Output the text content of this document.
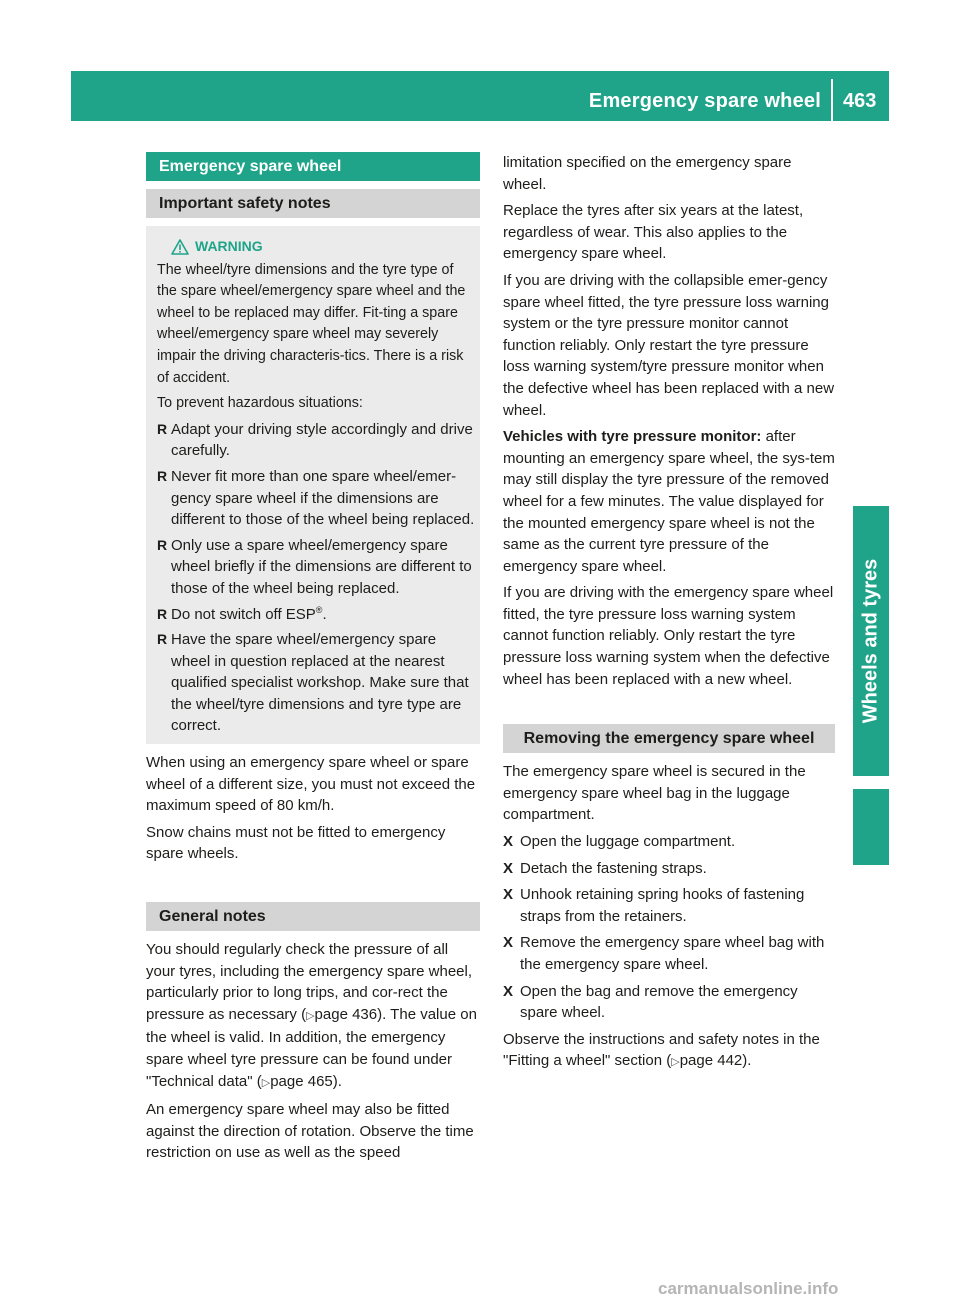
Emergency spare wheel 463
Wheels and tyres
Emergency spare wheel
Important safety notes
WARNING

The wheel/tyre dimensions and the tyre type of the spare wheel/emergency spare wheel and the wheel to be replaced may differ. Fit-ting a spare wheel/emergency spare wheel may severely impair the driving characteris-tics. There is a risk of accident.

To prevent hazardous situations:

R Adapt your driving style accordingly and drive carefully.
R Never fit more than one spare wheel/emer-gency spare wheel if the dimensions are different to those of the wheel being replaced.
R Only use a spare wheel/emergency spare wheel briefly if the dimensions are different to those of the wheel being replaced.
R Do not switch off ESP®.
R Have the spare wheel/emergency spare wheel in question replaced at the nearest qualified specialist workshop. Make sure that the wheel/tyre dimensions and tyre type are correct.

When using an emergency spare wheel or spare wheel of a different size, you must not exceed the maximum speed of 80 km/h.

Snow chains must not be fitted to emergency spare wheels.

General notes

You should regularly check the pressure of all your tyres, including the emergency spare wheel, particularly prior to long trips, and cor-rect the pressure as necessary (▷page 436). The value on the wheel is valid. In addition, the emergency spare wheel tyre pressure can be found under "Technical data" (▷page 465).

An emergency spare wheel may also be fitted against the direction of rotation. Observe the time restriction on use as well as the speed

limitation specified on the emergency spare wheel.

Replace the tyres after six years at the latest, regardless of wear. This also applies to the emergency spare wheel.

If you are driving with the collapsible emer-gency spare wheel fitted, the tyre pressure loss warning system or the tyre pressure monitor cannot function reliably. Only restart the tyre pressure loss warning system/tyre pressure monitor when the defective wheel has been replaced with a new wheel.

Vehicles with tyre pressure monitor: after mounting an emergency spare wheel, the sys-tem may still display the tyre pressure of the removed wheel for a few minutes. The value displayed for the mounted emergency spare wheel is not the same as the current tyre pressure of the emergency spare wheel.

If you are driving with the emergency spare wheel fitted, the tyre pressure loss warning system cannot function reliably. Only restart the tyre pressure loss warning system when the defective wheel has been replaced with a new wheel.

Removing the emergency spare wheel

The emergency spare wheel is secured in the emergency spare wheel bag in the luggage compartment.

X Open the luggage compartment.
X Detach the fastening straps.
X Unhook retaining spring hooks of fastening straps from the retainers.
X Remove the emergency spare wheel bag with the emergency spare wheel.
X Open the bag and remove the emergency spare wheel.

Observe the instructions and safety notes in the "Fitting a wheel" section (▷page 442).

carmanualsonline.info
